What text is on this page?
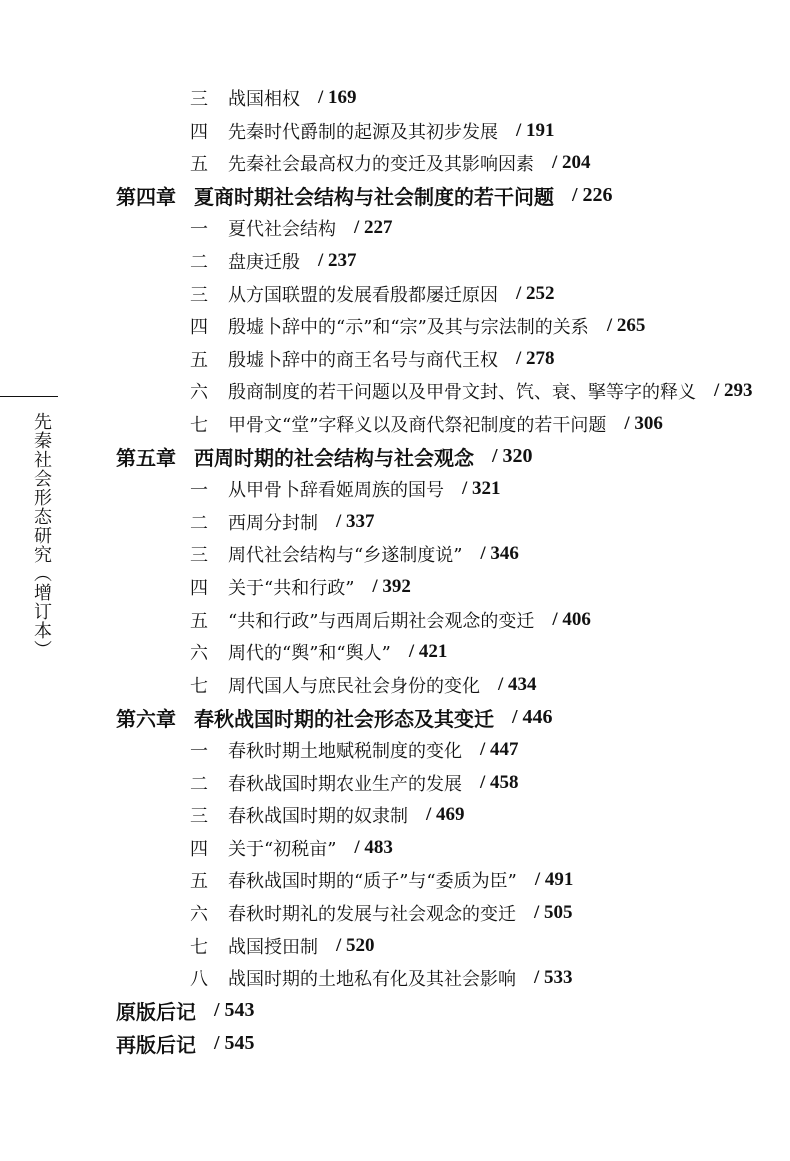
先秦社会形态研究（增订本）
三	战国相权 / 169
四	先秦时代爵制的起源及其初步发展 / 191
五	先秦社会最高权力的变迁及其影响因素 / 204
第四章 夏商时期社会结构与社会制度的若干问题 / 226
一	夏代社会结构 / 227
二	盘庚迁殷 / 237
三	从方国联盟的发展看殷都屡迁原因 / 252
四	殷墟卜辞中的“示”和“宗”及其与宗法制的关系 / 265
五	殷墟卜辞中的商王名号与商代王权 / 278
六	殷商制度的若干问题以及甲骨文封、饩、衰、掔等字的释义 / 293
七	甲骨文“堂”字释义以及商代祭祀制度的若干问题 / 306
第五章 西周时期的社会结构与社会观念 / 320
一	从甲骨卜辞看姬周族的国号 / 321
二	西周分封制 / 337
三	周代社会结构与“乡遂制度说” / 346
四	关于“共和行政” / 392
五	“共和行政”与西周后期社会观念的变迁 / 406
六	周代的“舆”和“舆人” / 421
七	周代国人与庶民社会身份的变化 / 434
第六章 春秋战国时期的社会形态及其变迁 / 446
一	春秋时期土地赋税制度的变化 / 447
二	春秋战国时期农业生产的发展 / 458
三	春秋战国时期的奴隶制 / 469
四	关于“初税亩” / 483
五	春秋战国时期的“质子”与“委质为臣” / 491
六	春秋时期礼的发展与社会观念的变迁 / 505
七	战国授田制 / 520
八	战国时期的土地私有化及其社会影响 / 533
原版后记 / 543
再版后记 / 545
